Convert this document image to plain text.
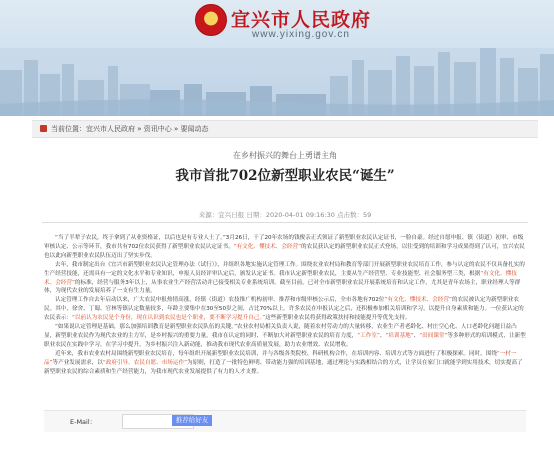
宜兴市人民政府
www.yixing.gov.cn
当前位置：宜兴市人民政府 » 资讯中心 » 要闻动态
在乡村振兴的舞台上勇谱主角
我市首批702位新型职业农民“诞生”
来源：宜兴日报 日期：2020-04-01 09:16:30 点击数：59

“当了半辈子农民，终于拿到了从业资格证，以后也是有专业人士了。”3月26日，干了20年农场的钱俊亲正式领证了新型职业农民认定证书，一脸自豪。经过自愿申报、镇（街道）初审、市级审核认定、公示等环节，我市共有702位农民获得了新型职业农民认定证书，“有文化、懂技术、会经营”的农民获认定的新型职业农民正式登场，以往受到的培训和学习成果得到了认可，宜兴农民也以此向新型职业农民队伍迈出了坚实步伐。

去年，我市制定出台《宜兴市新型职业农民认定管理办法（试行）》，并组织各地实施认定管理工作。围绕农业农村局和教育等部门开展新型职业农民培育工作，参与认定的农民不仅具备扎实的生产经营技能，还需具有一定的文化水平和专业知识，申报人员经评审认定后，颁发认定证书。我市认定新型职业农民，主要从生产经营型、专业技能型、社会服务型三类，根据“有文化、懂技术、会经营”的标准，经营与服务3年以上，从事农业生产经营活动并已接受相关专业系统培训。截至目前，已对全市新型职业农民开展系统培育和认定工作，尤其是青年农场主，职业经理人等群体，为现代农业的发展培养了一支有生力量。

认定管理工作自去年启动以来，广大农民申报热情高涨，经镇（街道）农技推广机构初审、推荐和市级审核公示后，全市各地有702位“有文化、懂技术、会经营”的农民被认定为新型职业农民。其中，徐舍、丁蜀、官林等镇认定数量较多，年龄主要集中在30至50岁之间，占比70%以上。许多农民在申报认定之后，还积极参加相关培训和学习，以提升自身素质和能力。一位获认定的农民表示：“以前认为农民是个身份，现在认识到农民也是个职业，要不断学习提升自己。”这些新型职业农民将获得政策扶持和技能提升等优先支持。

“如果说认定管理是基础，那么加强培训教育是新型职业农民队伍的关键。”农业农村局相关负责人说，随着农村劳动力的大量转移，农业生产者老龄化、村庄空心化、人口老龄化问题日益凸显，新型职业农民作为现代农业的主力军，是乡村振兴的重要力量。我市在认定的同时，不断加大对新型职业农民的培育力度，“工作室”、“培训基地”、“田间课堂”等多种形式的培训模式，让新型职业农民在实践中学习，在学习中提升，为乡村振兴注入新动能，推动我市现代农业高质量发展，助力农业增效、农民增收。

近年来，我市农业农村局围绕新型职业农民培育，每年组织开展新型职业农民培训，并与各级各类院校、科研机构合作，在培训内容、培训方式等方面进行了积极探索。同时，围绕“一村一品”等产业发展需求，以“政府引导、农民自愿、市场运作”为原则，打造了一批特色鲜明、带动能力强的培训基地，通过理论与实践相结合的方式，让学员在家门口就能学到实用技术，切实提高了新型职业农民的综合素质和生产经营能力，为我市现代农业发展提供了有力的人才支撑。

E-Mail：	推荐给好友
